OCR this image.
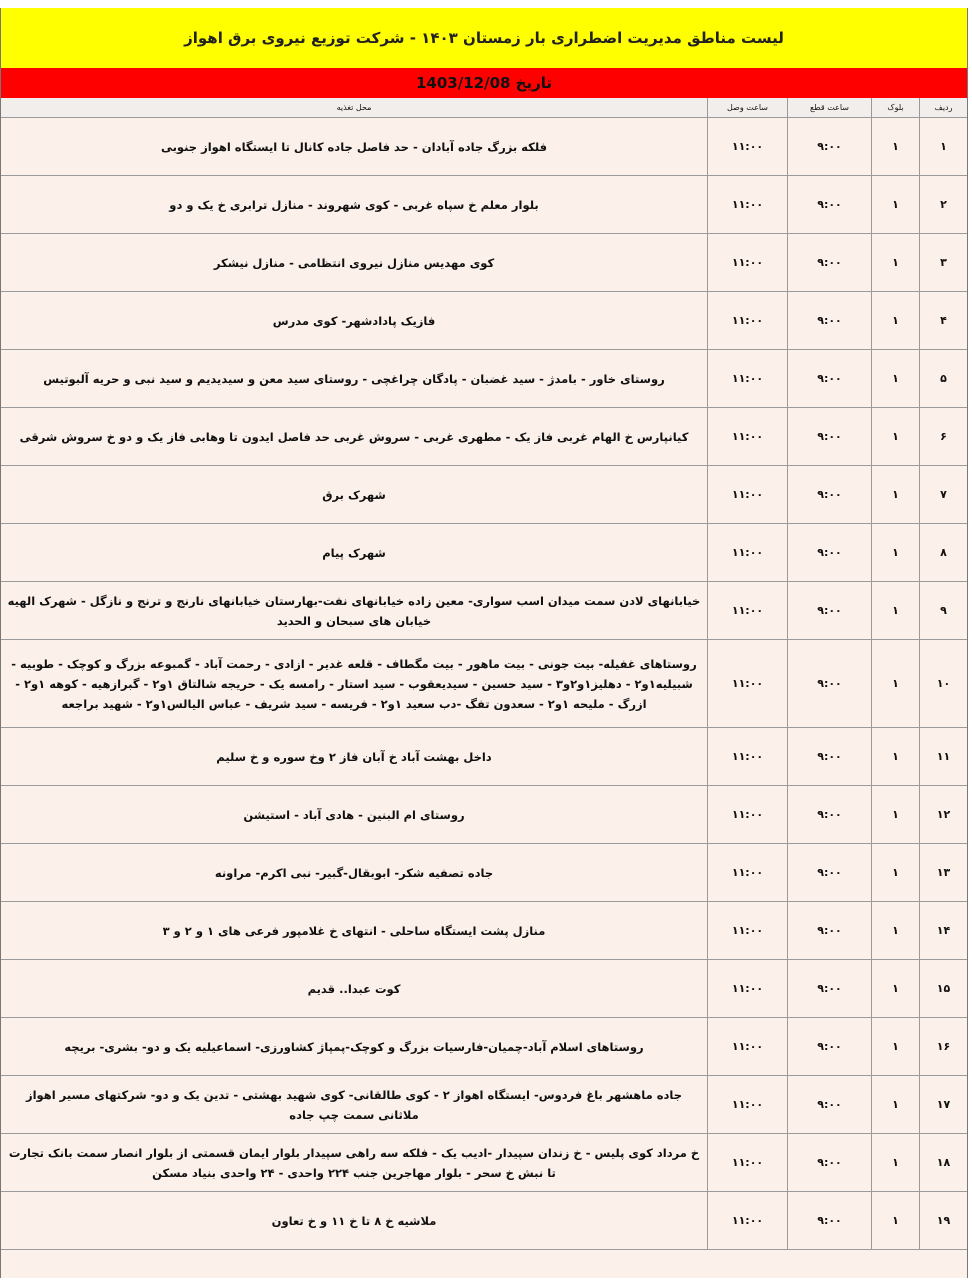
لیست مناطق مدیریت اضطراری بار زمستان ۱۴۰۳ - شرکت توزیع نیروی برق اهواز
تاریخ 1403/12/08
ردیف
بلوک
ساعت قطع
ساعت وصل
محل تغذیه
۱
۱
۹:۰۰
۱۱:۰۰
فلکه بزرگ جاده آبادان - حد فاصل جاده کانال تا ایستگاه اهواز جنوبی
۲
۱
۹:۰۰
۱۱:۰۰
بلوار معلم خ سپاه غربی - کوی شهروند - منازل ترابری خ یک و دو
۳
۱
۹:۰۰
۱۱:۰۰
کوی مهدیس منازل نیروی انتظامی - منازل نیشکر
۴
۱
۹:۰۰
۱۱:۰۰
فازیک پادادشهر- کوی مدرس
۵
۱
۹:۰۰
۱۱:۰۰
روستای خاور - بامدژ - سید غضبان - پادگان چراغچی - روستای سید معن و سیدیدیم و سید نبی و حریه آلبوتیس
۶
۱
۹:۰۰
۱۱:۰۰
کیانپارس خ الهام غربی فاز یک - مطهری غربی - سروش غربی حد فاصل ایدون تا وهابی فاز یک و دو خ سروش شرقی
۷
۱
۹:۰۰
۱۱:۰۰
شهرک برق
۸
۱
۹:۰۰
۱۱:۰۰
شهرک پیام
۹
۱
۹:۰۰
۱۱:۰۰
خیابانهای لادن سمت میدان اسب سواری- معین زاده خیابانهای نفت-بهارستان خیابانهای نارنج و ترنج و نازگل - شهرک الهیه خیابان های سبحان و الحدید
۱۰
۱
۹:۰۰
۱۱:۰۰
روستاهای غفیله- بیت جونی - بیت ماهور - بیت مگطاف - قلعه غدیر - ازادی - رحمت آباد - گمبوعه بزرگ و کوچک - طوبیه - شبیلیه۱و۲ - دهلیز۱و۲و۳ - سید حسین - سیدیعقوب - سید استار - رامسه یک - حریجه شالتاق ۱و۲ - گبرازهیه - کوهه ۱و۲ - ازرگ - ملیحه ۱و۲ - سعدون تفگ -دب سعید ۱و۲ - فریسه - سید شریف - عباس الیالس۱و۲ - شهید براجعه
۱۱
۱
۹:۰۰
۱۱:۰۰
داخل بهشت آباد خ آبان فاز ۲ وخ سوره و خ سلیم
۱۲
۱
۹:۰۰
۱۱:۰۰
روستای ام البنین - هادی آباد - استیشن
۱۳
۱
۹:۰۰
۱۱:۰۰
جاده تصفیه شکر- ابوبقال-گبیر- نبی اکرم- مراونه
۱۴
۱
۹:۰۰
۱۱:۰۰
منازل پشت ایستگاه ساحلی - انتهای خ غلامپور فرعی های ۱ و ۲ و ۳
۱۵
۱
۹:۰۰
۱۱:۰۰
کوت عبدا.. قدیم
۱۶
۱
۹:۰۰
۱۱:۰۰
روستاهای اسلام آباد-چمیان-فارسیات بزرگ و کوچک-پمپاژ کشاورزی- اسماعیلیه یک و دو- بشری- بریچه
۱۷
۱
۹:۰۰
۱۱:۰۰
جاده ماهشهر باغ فردوس- ایستگاه اهواز ۲ - کوی طالقانی- کوی شهید بهشتی - تدین یک و دو- شرکتهای مسیر اهواز ملاثانی سمت چپ جاده
۱۸
۱
۹:۰۰
۱۱:۰۰
خ مرداد کوی پلیس - خ زندان سپیدار -ادیب یک - فلکه سه راهی سپیدار بلوار ایمان قسمتی از بلوار انصار سمت بانک تجارت تا نبش خ سحر - بلوار مهاجرین جنب ۲۲۴ واحدی - ۲۴ واحدی بنیاد مسکن
۱۹
۱
۹:۰۰
۱۱:۰۰
ملاشیه خ ۸ تا خ ۱۱ و خ تعاون
